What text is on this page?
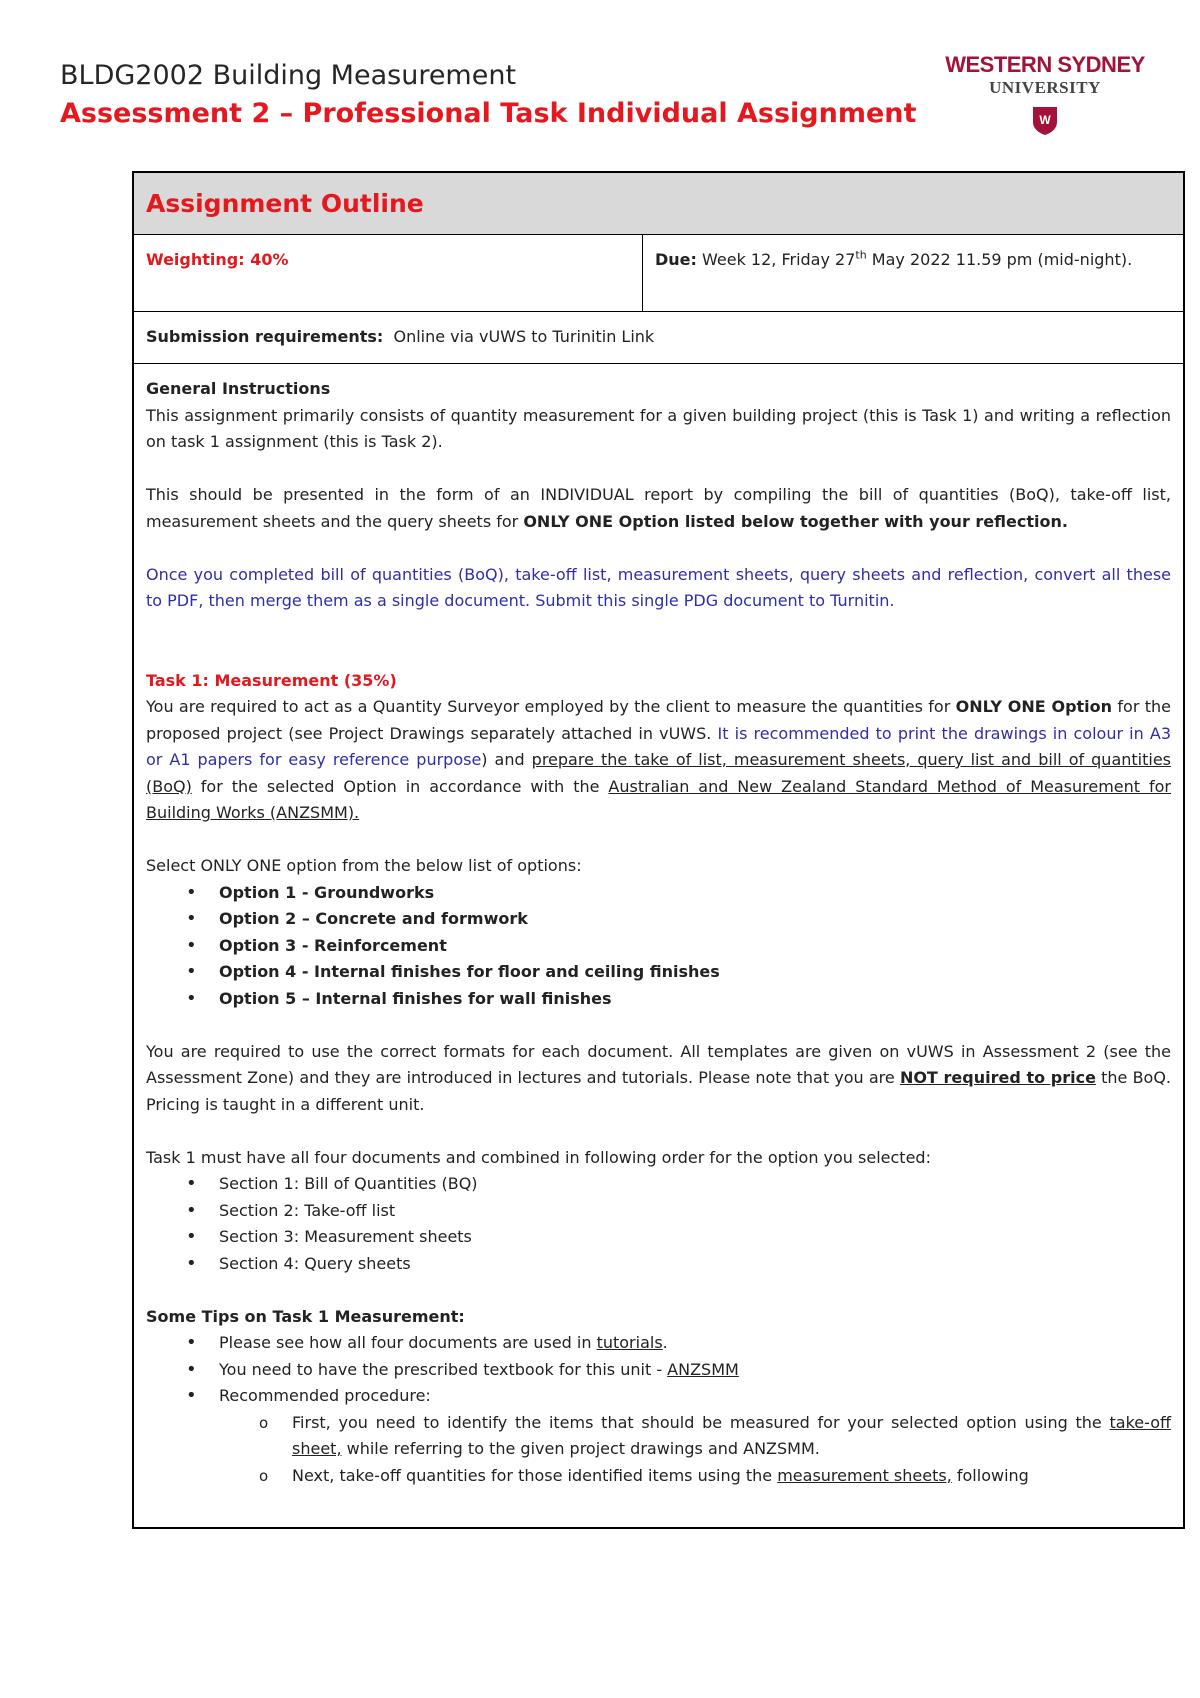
BLDG2002 Building Measurement
Assessment 2 – Professional Task Individual Assignment
WESTERN SYDNEY
UNIVERSITY
W
Assignment Outline
Weighting: 40%	Due: Week 12, Friday 27th May 2022 11.59 pm (mid-night).
Submission requirements: Online via vUWS to Turinitin Link

General Instructions

This assignment primarily consists of quantity measurement for a given building project (this is Task 1) and writing a reflection on task 1 assignment (this is Task 2).

This should be presented in the form of an INDIVIDUAL report by compiling the bill of quantities (BoQ), take-off list, measurement sheets and the query sheets for ONLY ONE Option listed below together with your reflection.

Once you completed bill of quantities (BoQ), take-off list, measurement sheets, query sheets and reflection, convert all these to PDF, then merge them as a single document. Submit this single PDG document to Turnitin.

Task 1: Measurement (35%)

You are required to act as a Quantity Surveyor employed by the client to measure the quantities for ONLY ONE Option for the proposed project (see Project Drawings separately attached in vUWS. It is recommended to print the drawings in colour in A3 or A1 papers for easy reference purpose) and prepare the take of list, measurement sheets, query list and bill of quantities (BoQ) for the selected Option in accordance with the Australian and New Zealand Standard Method of Measurement for Building Works (ANZSMM).

Select ONLY ONE option from the below list of options:

• Option 1 - Groundworks
• Option 2 – Concrete and formwork
• Option 3 - Reinforcement
• Option 4 - Internal finishes for floor and ceiling finishes
• Option 5 – Internal finishes for wall finishes

You are required to use the correct formats for each document. All templates are given on vUWS in Assessment 2 (see the Assessment Zone) and they are introduced in lectures and tutorials. Please note that you are NOT required to price the BoQ. Pricing is taught in a different unit.

Task 1 must have all four documents and combined in following order for the option you selected:

• Section 1: Bill of Quantities (BQ)
• Section 2: Take-off list
• Section 3: Measurement sheets
• Section 4: Query sheets

Some Tips on Task 1 Measurement:

• Please see how all four documents are used in tutorials.
• You need to have the prescribed textbook for this unit - ANZSMM
• Recommended procedure:
o First, you need to identify the items that should be measured for your selected option using the take-off sheet, while referring to the given project drawings and ANZSMM.
o Next, take-off quantities for those identified items using the measurement sheets, following
